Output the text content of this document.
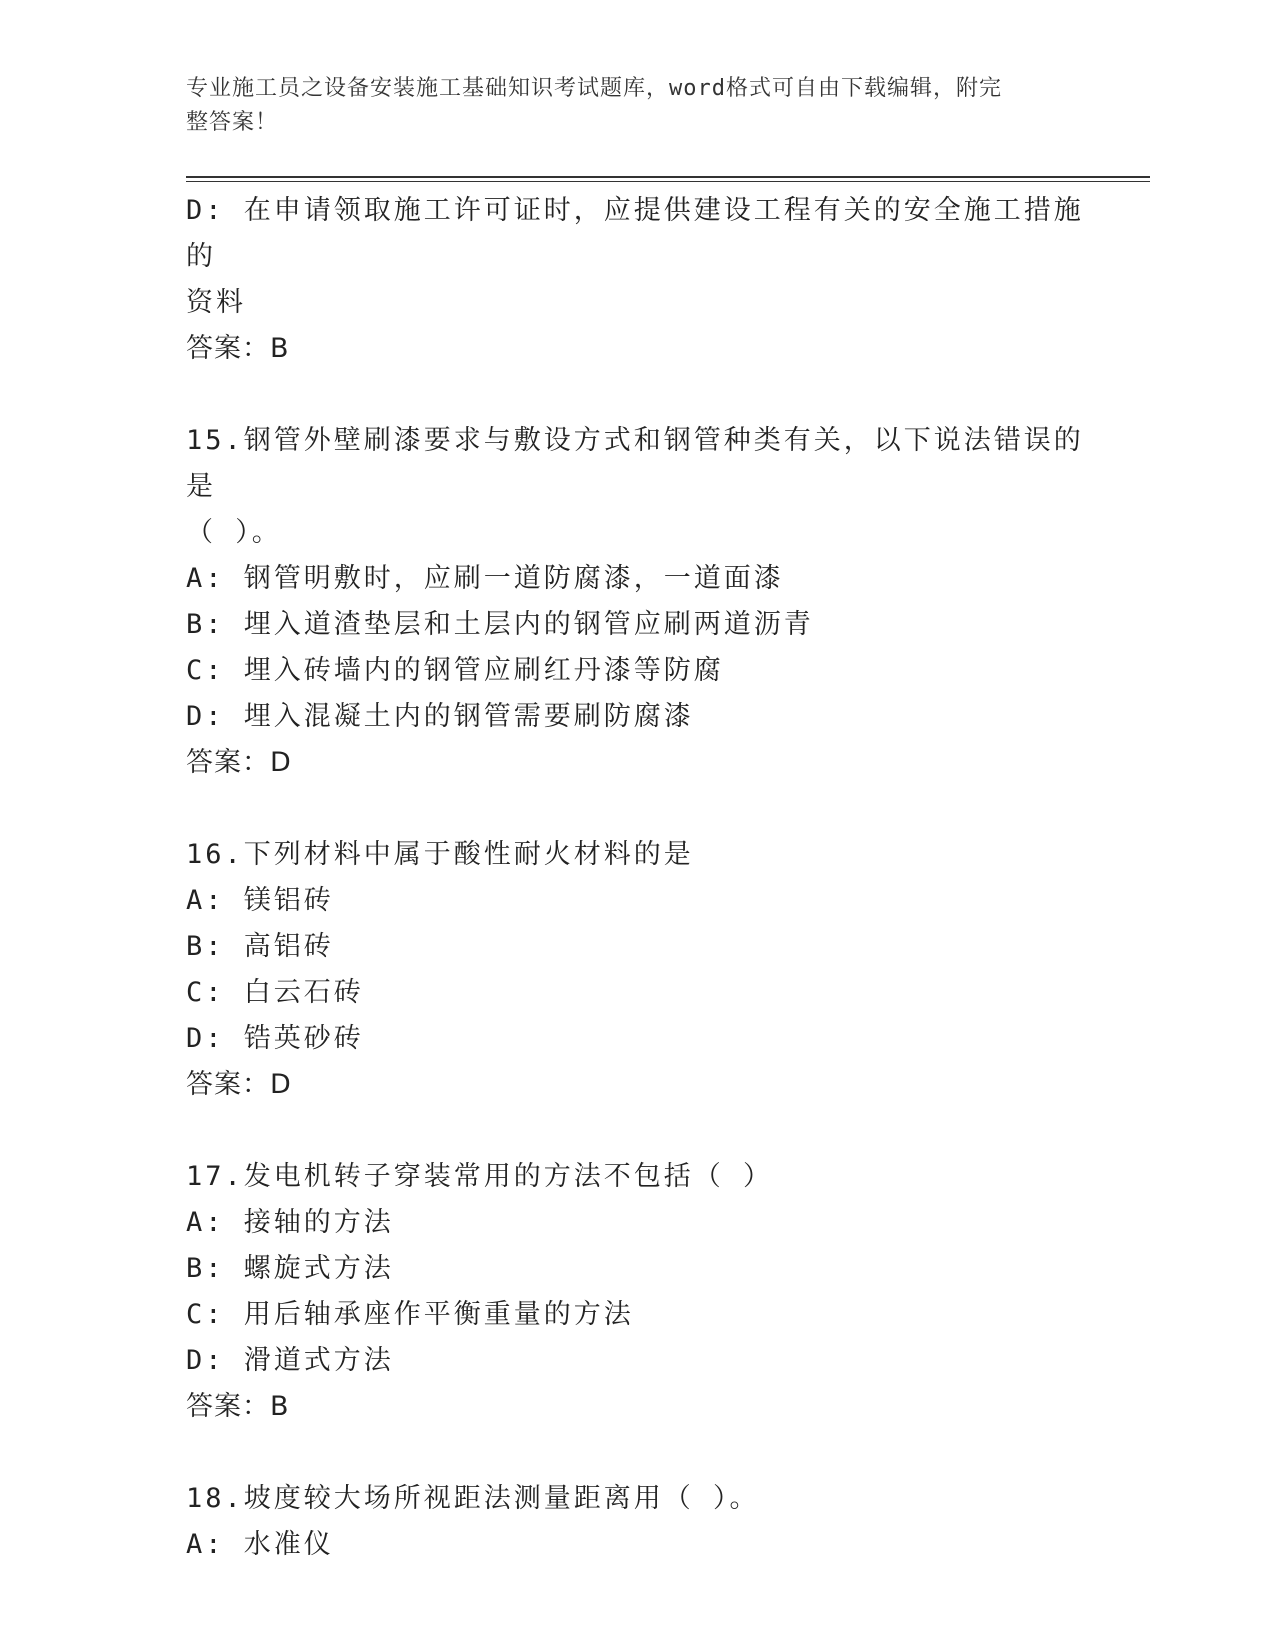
专业施工员之设备安装施工基础知识考试题库，word格式可自由下载编辑，附完
整答案！
D: 在申请领取施工许可证时，应提供建设工程有关的安全施工措施的
资料
答案：B
15.钢管外壁刷漆要求与敷设方式和钢管种类有关，以下说法错误的是
（ ）。
A: 钢管明敷时，应刷一道防腐漆，一道面漆
B: 埋入道渣垫层和土层内的钢管应刷两道沥青
C: 埋入砖墙内的钢管应刷红丹漆等防腐
D: 埋入混凝土内的钢管需要刷防腐漆
答案：D
16.下列材料中属于酸性耐火材料的是
A: 镁铝砖
B: 高铝砖
C: 白云石砖
D: 锆英砂砖
答案：D
17.发电机转子穿装常用的方法不包括（ ）
A: 接轴的方法
B: 螺旋式方法
C: 用后轴承座作平衡重量的方法
D: 滑道式方法
答案：B
18.坡度较大场所视距法测量距离用（ ）。
A: 水准仪
